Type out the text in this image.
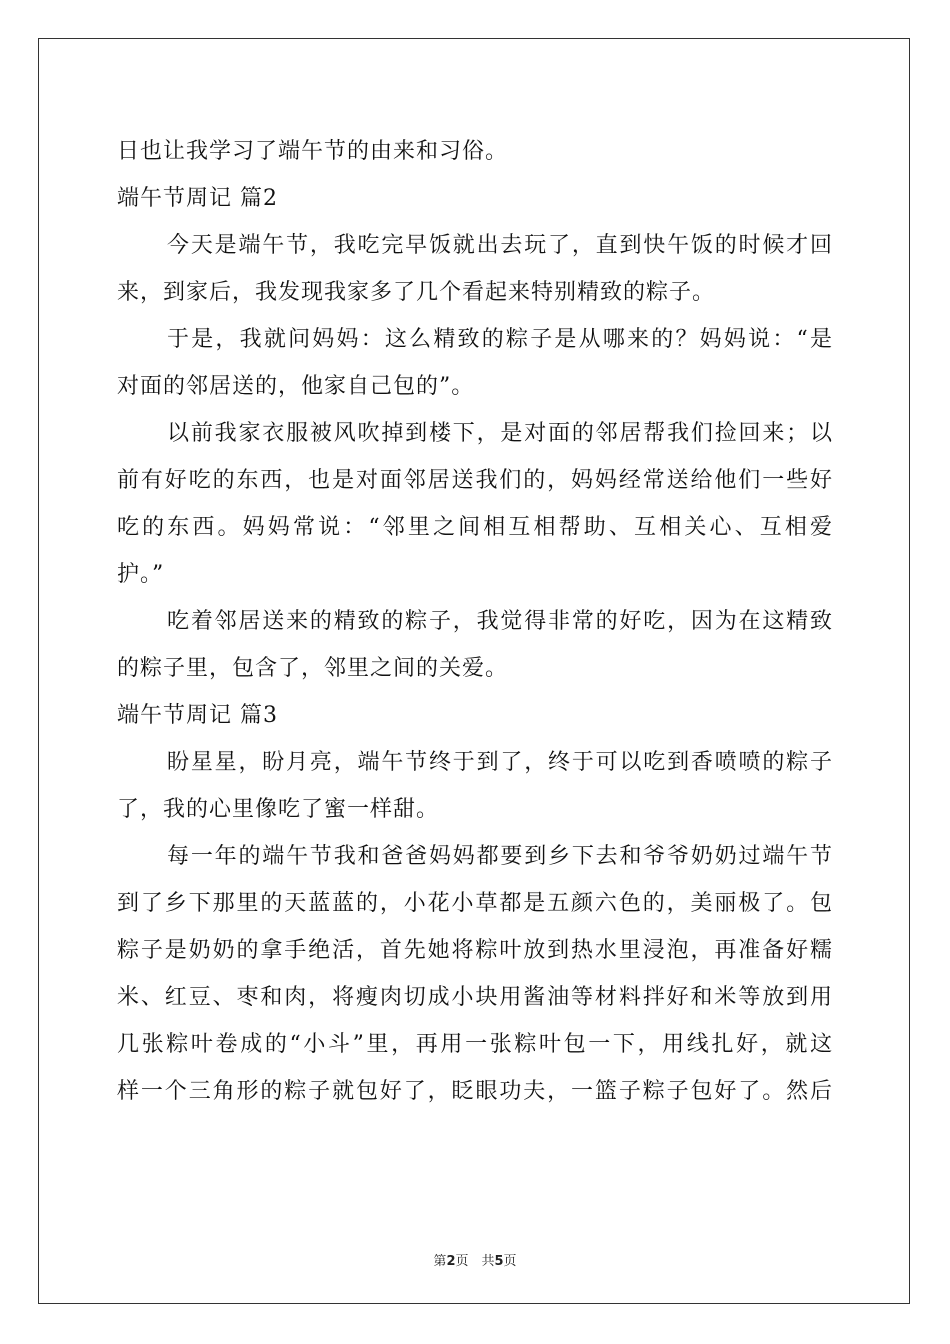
日也让我学习了端午节的由来和习俗。
端午节周记 篇2
今天是端午节，我吃完早饭就出去玩了，直到快午饭的时候才回
来，到家后，我发现我家多了几个看起来特别精致的粽子。
于是，我就问妈妈：这么精致的粽子是从哪来的？妈妈说：“是
对面的邻居送的，他家自己包的”。
以前我家衣服被风吹掉到楼下，是对面的邻居帮我们捡回来；以
前有好吃的东西，也是对面邻居送我们的，妈妈经常送给他们一些好
吃的东西。妈妈常说：“邻里之间相互相帮助、互相关心、互相爱
护。”
吃着邻居送来的精致的粽子，我觉得非常的好吃，因为在这精致
的粽子里，包含了，邻里之间的关爱。
端午节周记 篇3
盼星星，盼月亮，端午节终于到了，终于可以吃到香喷喷的粽子
了，我的心里像吃了蜜一样甜。
每一年的端午节我和爸爸妈妈都要到乡下去和爷爷奶奶过端午节
到了乡下那里的天蓝蓝的，小花小草都是五颜六色的，美丽极了。包
粽子是奶奶的拿手绝活，首先她将粽叶放到热水里浸泡，再准备好糯
米、红豆、枣和肉，将瘦肉切成小块用酱油等材料拌好和米等放到用
几张粽叶卷成的“小斗”里，再用一张粽叶包一下，用线扎好，就这
样一个三角形的粽子就包好了，眨眼功夫，一篮子粽子包好了。然后
第2页　共5页
